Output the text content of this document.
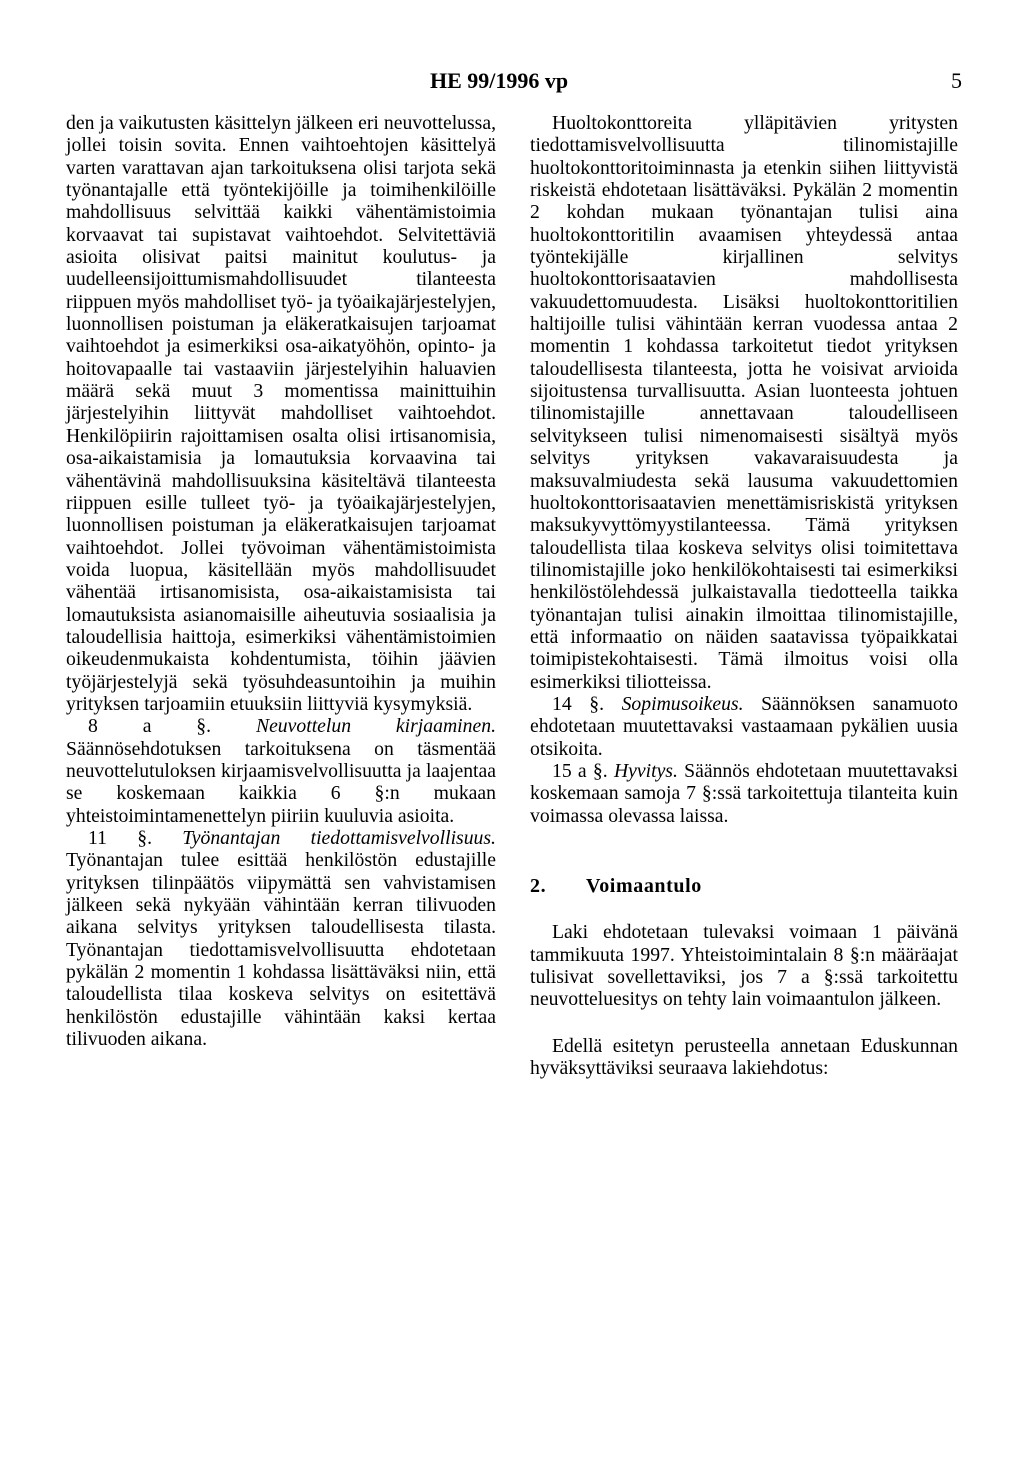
HE 99/1996 vp	5

den ja vaikutusten käsittelyn jälkeen eri neuvottelussa, jollei toisin sovita. Ennen vaihtoehtojen käsittelyä varten varattavan ajan tarkoituksena olisi tarjota sekä työnantajalle että työntekijöille ja toimihenkilöille mahdollisuus selvittää kaikki vähentämistoimia korvaavat tai supistavat vaihtoehdot. Selvitettäviä asioita olisivat paitsi mainitut koulutus- ja uudelleensijoittumismahdollisuudet tilanteesta riippuen myös mahdolliset työ- ja työaikajärjestelyjen, luonnollisen poistuman ja eläkeratkaisujen tarjoamat vaihtoehdot ja esimerkiksi osa-aikatyöhön, opinto- ja hoitovapaalle tai vastaaviin järjestelyihin haluavien määrä sekä muut 3 momentissa mainittuihin järjestelyihin liittyvät mahdolliset vaihtoehdot. Henkilöpiirin rajoittamisen osalta olisi irtisanomisia, osa-aikaistamisia ja lomautuksia korvaavina tai vähentävinä mahdollisuuksina käsiteltävä tilanteesta riippuen esille tulleet työ- ja työaikajärjestelyjen, luonnollisen poistuman ja eläkeratkaisujen tarjoamat vaihtoehdot. Jollei työvoiman vähentämistoimista voida luopua, käsitellään myös mahdollisuudet vähentää irtisanomisista, osa-aikaistamisista tai lomautuksista asianomaisille aiheutuvia sosiaalisia ja taloudellisia haittoja, esimerkiksi vähentämistoimien oikeudenmukaista kohdentumista, töihin jäävien työjärjestelyjä sekä työsuhdeasuntoihin ja muihin yrityksen tarjoamiin etuuksiin liittyviä kysymyksiä.

8 a §. Neuvottelun kirjaaminen. Säännösehdotuksen tarkoituksena on täsmentää neuvottelutuloksen kirjaamisvelvollisuutta ja laajentaa se koskemaan kaikkia 6 §:n mukaan yhteistoimintamenettelyn piiriin kuuluvia asioita.

11 §. Työnantajan tiedottamisvelvollisuus. Työnantajan tulee esittää henkilöstön edustajille yrityksen tilinpäätös viipymättä sen vahvistamisen jälkeen sekä nykyään vähintään kerran tilivuoden aikana selvitys yrityksen taloudellisesta tilasta. Työnantajan tiedottamisvelvollisuutta ehdotetaan pykälän 2 momentin 1 kohdassa lisättäväksi niin, että taloudellista tilaa koskeva selvitys on esitettävä henkilöstön edustajille vähintään kaksi kertaa tilivuoden aikana.

Huoltokonttoreita ylläpitävien yritysten tiedottamisvelvollisuutta tilinomistajille huoltokonttoritoiminnasta ja etenkin siihen liittyvistä riskeistä ehdotetaan lisättäväksi. Pykälän 2 momentin 2 kohdan mukaan työnantajan tulisi aina huoltokonttoritilin avaamisen yhteydessä antaa työntekijälle kirjallinen selvitys huoltokonttorisaatavien mahdollisesta vakuudettomuudesta. Lisäksi huoltokonttoritilien haltijoille tulisi vähintään kerran vuodessa antaa 2 momentin 1 kohdassa tarkoitetut tiedot yrityksen taloudellisesta tilanteesta, jotta he voisivat arvioida sijoitustensa turvallisuutta. Asian luonteesta johtuen tilinomistajille annettavaan taloudelliseen selvitykseen tulisi nimenomaisesti sisältyä myös selvitys yrityksen vakavaraisuudesta ja maksuvalmiudesta sekä lausuma vakuudettomien huoltokonttorisaatavien menettämisriskistä yrityksen maksukyvyttömyystilanteessa. Tämä yrityksen taloudellista tilaa koskeva selvitys olisi toimitettava tilinomistajille joko henkilökohtaisesti tai esimerkiksi henkilöstölehdessä julkaistavalla tiedotteella taikka työnantajan tulisi ainakin ilmoittaa tilinomistajille, että informaatio on näiden saatavissa työpaikkatai toimipistekohtaisesti. Tämä ilmoitus voisi olla esimerkiksi tiliotteissa.

14 §. Sopimusoikeus. Säännöksen sanamuoto ehdotetaan muutettavaksi vastaamaan pykälien uusia otsikoita.

15 a §. Hyvitys. Säännös ehdotetaan muutettavaksi koskemaan samoja 7 §:ssä tarkoitettuja tilanteita kuin voimassa olevassa laissa.

2.	Voimaantulo

Laki ehdotetaan tulevaksi voimaan 1 päivänä tammikuuta 1997. Yhteistoimintalain 8 §:n määräajat tulisivat sovellettaviksi, jos 7 a §:ssä tarkoitettu neuvotteluesitys on tehty lain voimaantulon jälkeen.

Edellä esitetyn perusteella annetaan Eduskunnan hyväksyttäviksi seuraava lakiehdotus:
